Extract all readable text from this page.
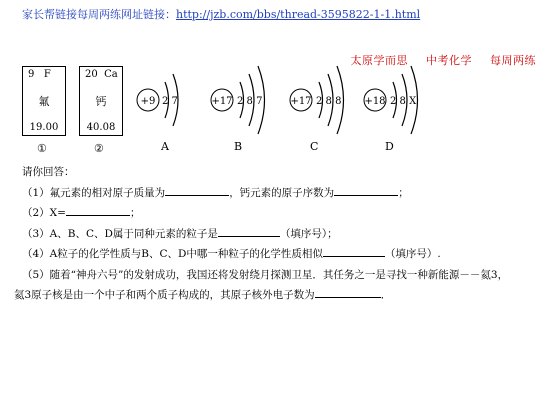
家长帮链接每周两练网址链接：http://jzb.com/bbs/thread-3595822-1-1.html
太原学而思 中考化学 每周两练
9 F
氟
19.00
①
20 Ca
钙
40.08
②
+9 2 7
A
+17 2 8 7
B
+17 2 8 8
C
+18 2 8 X
D
请你回答：
（1）氟元素的相对原子质量为	，钙元素的原子序数为	；
（2）X=	；
（3）A、B、C、D属于同种元素的粒子是	（填序号）；
（4）A粒子的化学性质与B、C、D中哪一种粒子的化学性质相似	（填序号）.
（5）随着“神舟六号”的发射成功，我国还将发射绕月探测卫星．其任务之一是寻找一种新能源－－氦3，
氦3原子核是由一个中子和两个质子构成的，其原子核外电子数为	．
